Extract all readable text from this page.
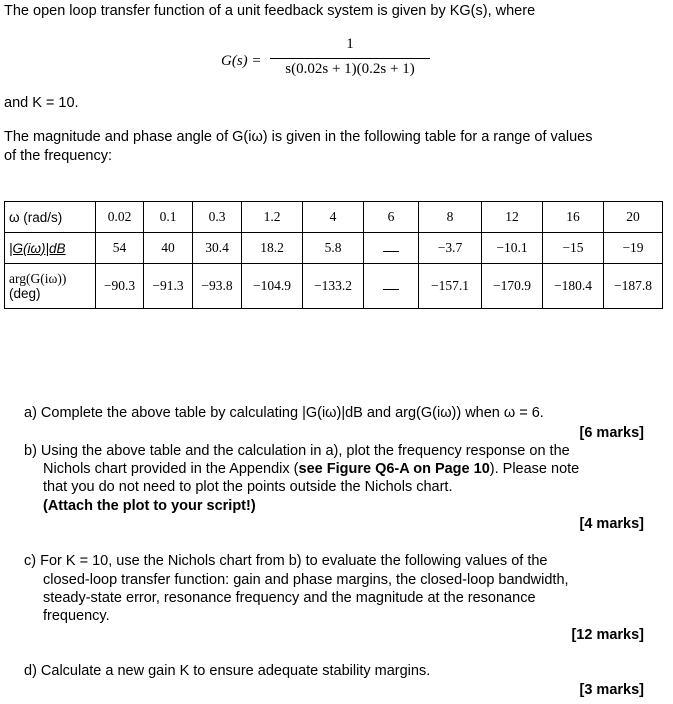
The open loop transfer function of a unit feedback system is given by KG(s), where
G(s) =
1
s(0.02s + 1)(0.2s + 1)
and K = 10.
The magnitude and phase angle of G(iω) is given in the following table for a range of values
of the frequency:
ω (rad/s)	0.02	0.1	0.3	1.2	4	6	8	12	16	20
|G(iω)|dB	54	40	30.4	18.2	5.8		−3.7	−10.1	−15	−19
arg(G(iω))
(deg)	−90.3	−91.3	−93.8	−104.9	−133.2		−157.1	−170.9	−180.4	−187.8
a) Complete the above table by calculating |G(iω)|dB and arg(G(iω)) when ω = 6.
[6 marks]
b) Using the above table and the calculation in a), plot the frequency response on the
Nichols chart provided in the Appendix (see Figure Q6-A on Page 10). Please note
that you do not need to plot the points outside the Nichols chart.
(Attach the plot to your script!)
[4 marks]
c) For K = 10, use the Nichols chart from b) to evaluate the following values of the
closed-loop transfer function: gain and phase margins, the closed-loop bandwidth,
steady-state error, resonance frequency and the magnitude at the resonance
frequency.
[12 marks]
d) Calculate a new gain K to ensure adequate stability margins.
[3 marks]
